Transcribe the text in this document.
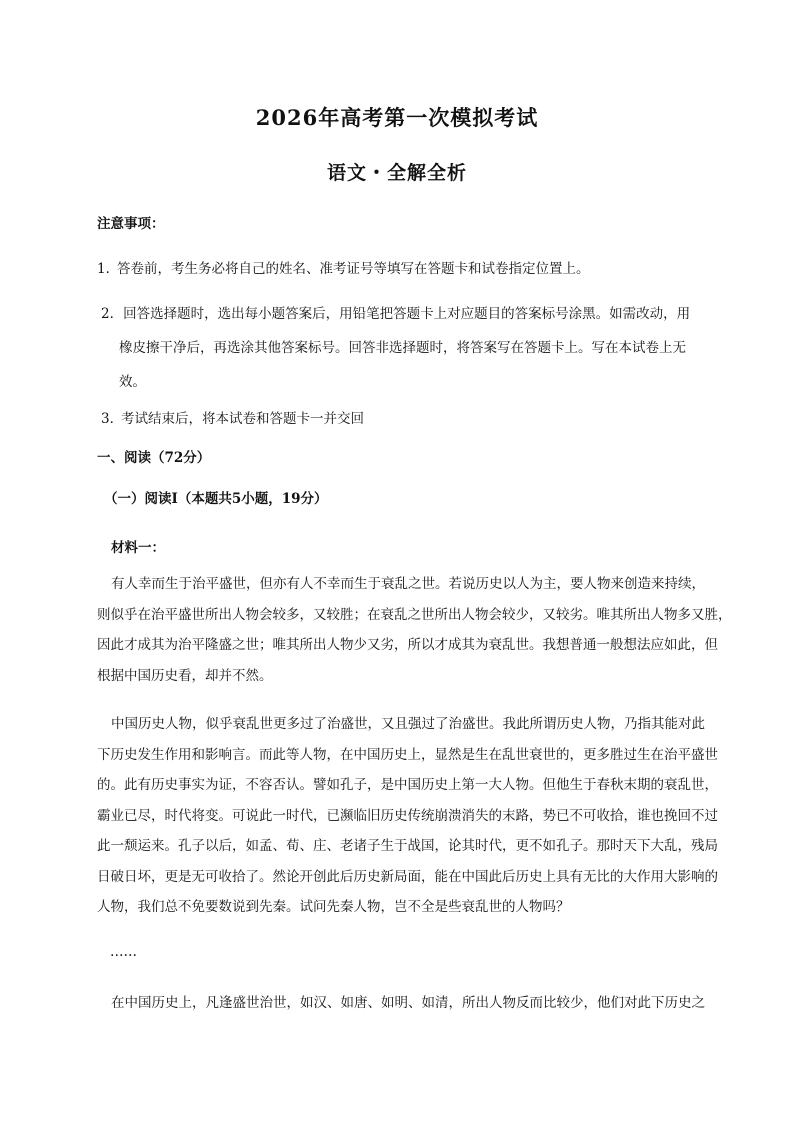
2026年高考第一次模拟考试
语文・全解全析
注意事项：
1．答卷前，考生务必将自己的姓名、准考证号等填写在答题卡和试卷指定位置上。
2．回答选择题时，选出每小题答案后，用铅笔把答题卡上对应题目的答案标号涂黑。如需改动，用
橡皮擦干净后，再选涂其他答案标号。回答非选择题时，将答案写在答题卡上。写在本试卷上无
效。
3．考试结束后，将本试卷和答题卡一并交回
一、阅读（72分）
（一）阅读Ⅰ（本题共5小题，19分）
材料一：
有人幸而生于治平盛世，但亦有人不幸而生于衰乱之世。若说历史以人为主，要人物来创造来持续，
则似乎在治平盛世所出人物会较多，又较胜；在衰乱之世所出人物会较少，又较劣。唯其所出人物多又胜，
因此才成其为治平隆盛之世；唯其所出人物少又劣，所以才成其为衰乱世。我想普通一般想法应如此，但
根据中国历史看，却并不然。
中国历史人物，似乎衰乱世更多过了治盛世，又且强过了治盛世。我此所谓历史人物，乃指其能对此
下历史发生作用和影响言。而此等人物，在中国历史上，显然是生在乱世衰世的，更多胜过生在治平盛世
的。此有历史事实为证，不容否认。譬如孔子，是中国历史上第一大人物。但他生于春秋末期的衰乱世，
霸业已尽，时代将变。可说此一时代，已濒临旧历史传统崩溃消失的末路，势已不可收拾，谁也挽回不过
此一颓运来。孔子以后，如孟、荀、庄、老诸子生于战国，论其时代，更不如孔子。那时天下大乱，残局
日破日坏，更是无可收拾了。然论开创此后历史新局面，能在中国此后历史上具有无比的大作用大影响的
人物，我们总不免要数说到先秦。试问先秦人物，岂不全是些衰乱世的人物吗？
……
在中国历史上，凡逢盛世治世，如汉、如唐、如明、如清，所出人物反而比较少，他们对此下历史之
